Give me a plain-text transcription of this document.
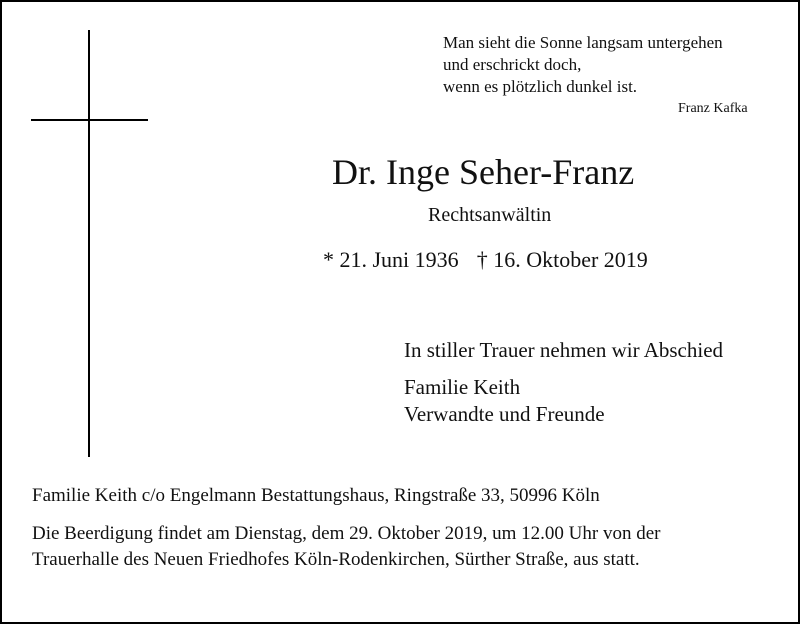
Man sieht die Sonne langsam untergehen
und erschrickt doch,
wenn es plötzlich dunkel ist.
Franz Kafka
Dr. Inge Seher-Franz
Rechtsanwältin
* 21. Juni 1936 † 16. Oktober 2019
In stiller Trauer nehmen wir Abschied
Familie Keith
Verwandte und Freunde
Familie Keith c/o Engelmann Bestattungshaus, Ringstraße 33, 50996 Köln
Die Beerdigung findet am Dienstag, dem 29. Oktober 2019, um 12.00 Uhr von der
Trauerhalle des Neuen Friedhofes Köln-Rodenkirchen, Sürther Straße, aus statt.
